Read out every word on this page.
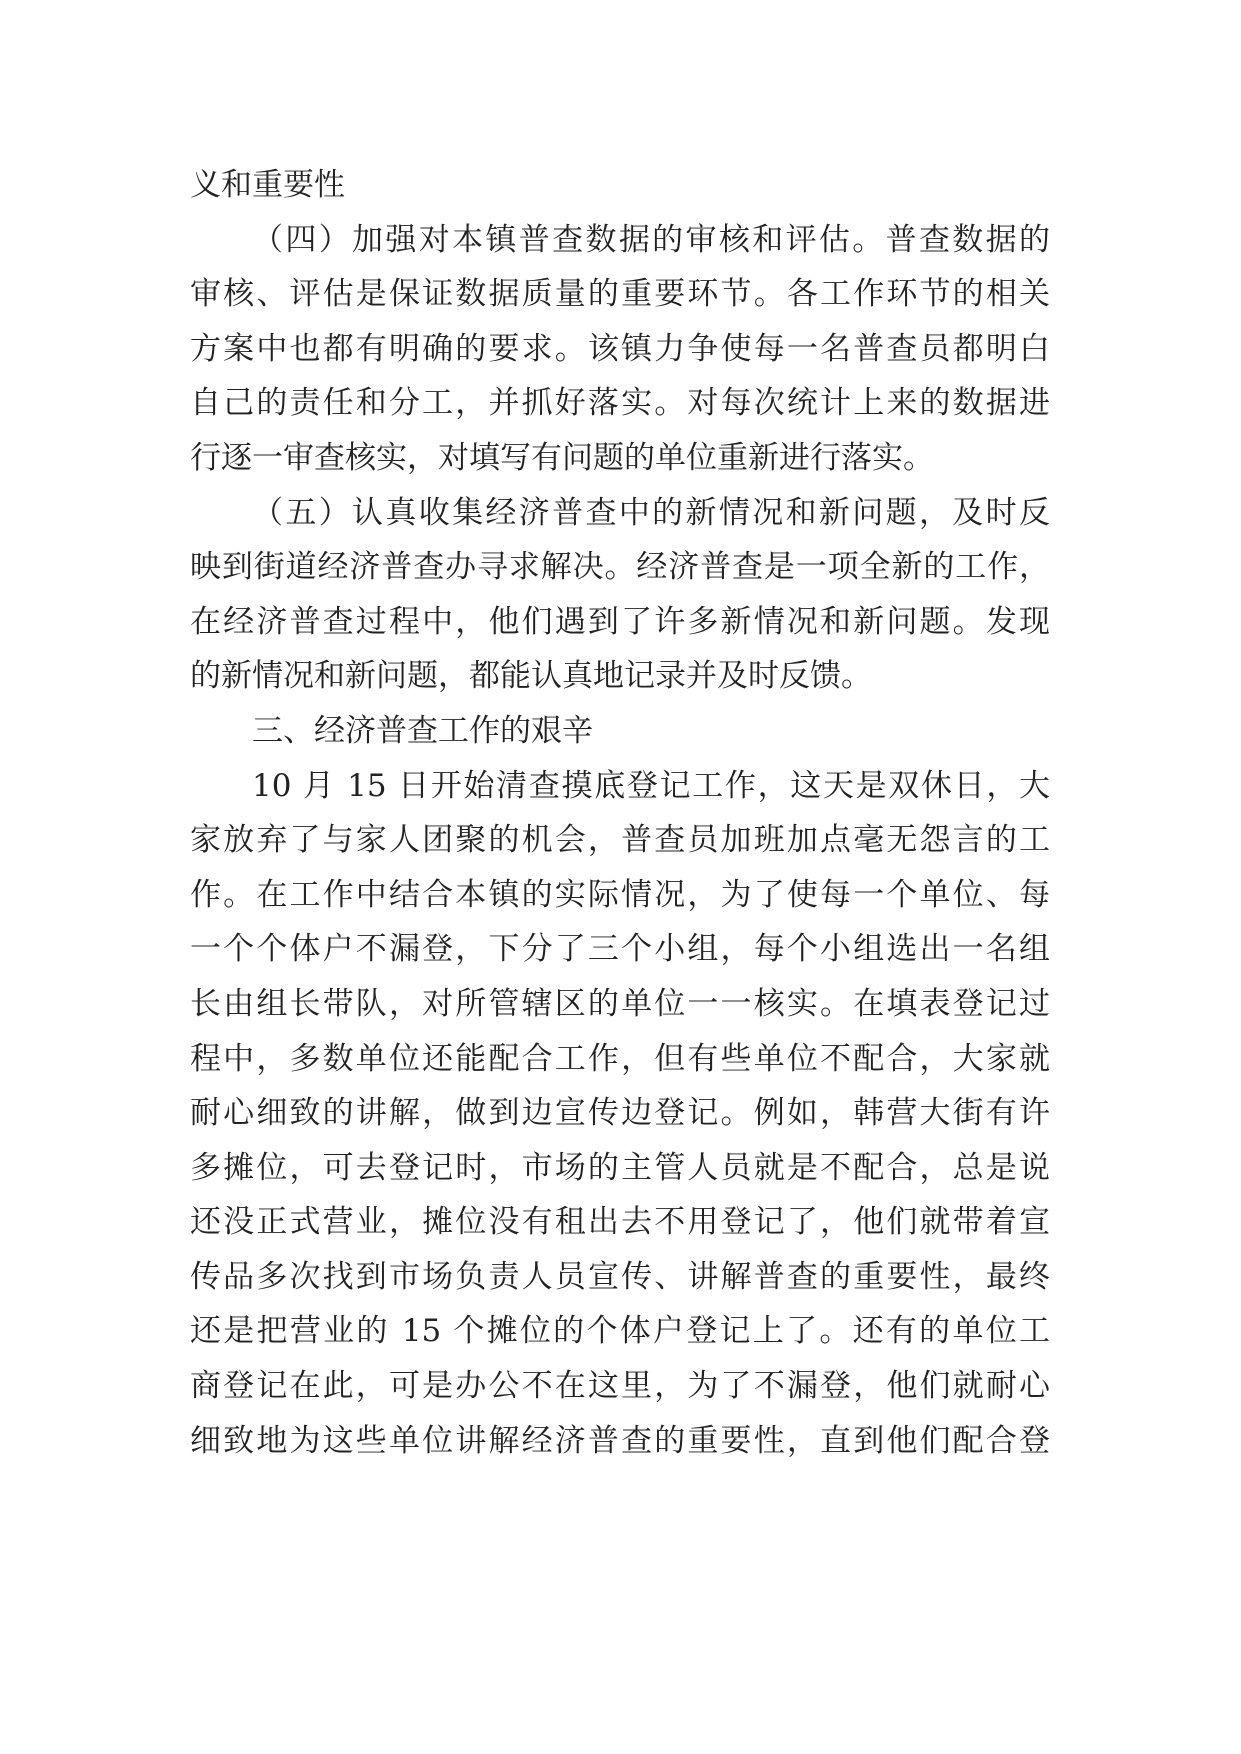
义和重要性
（四）加强对本镇普查数据的审核和评估。普查数据的
审核、评估是保证数据质量的重要环节。各工作环节的相关
方案中也都有明确的要求。该镇力争使每一名普查员都明白
自己的责任和分工，并抓好落实。对每次统计上来的数据进
行逐一审查核实，对填写有问题的单位重新进行落实。
（五）认真收集经济普查中的新情况和新问题，及时反
映到街道经济普查办寻求解决。经济普查是一项全新的工作，
在经济普查过程中，他们遇到了许多新情况和新问题。发现
的新情况和新问题，都能认真地记录并及时反馈。
三、经济普查工作的艰辛
10 月 15 日开始清查摸底登记工作，这天是双休日，大
家放弃了与家人团聚的机会，普查员加班加点毫无怨言的工
作。在工作中结合本镇的实际情况，为了使每一个单位、每
一个个体户不漏登，下分了三个小组，每个小组选出一名组
长由组长带队，对所管辖区的单位一一核实。在填表登记过
程中，多数单位还能配合工作，但有些单位不配合，大家就
耐心细致的讲解，做到边宣传边登记。例如，韩营大街有许
多摊位，可去登记时，市场的主管人员就是不配合，总是说
还没正式营业，摊位没有租出去不用登记了，他们就带着宣
传品多次找到市场负责人员宣传、讲解普查的重要性，最终
还是把营业的 15 个摊位的个体户登记上了。还有的单位工
商登记在此，可是办公不在这里，为了不漏登，他们就耐心
细致地为这些单位讲解经济普查的重要性，直到他们配合登
